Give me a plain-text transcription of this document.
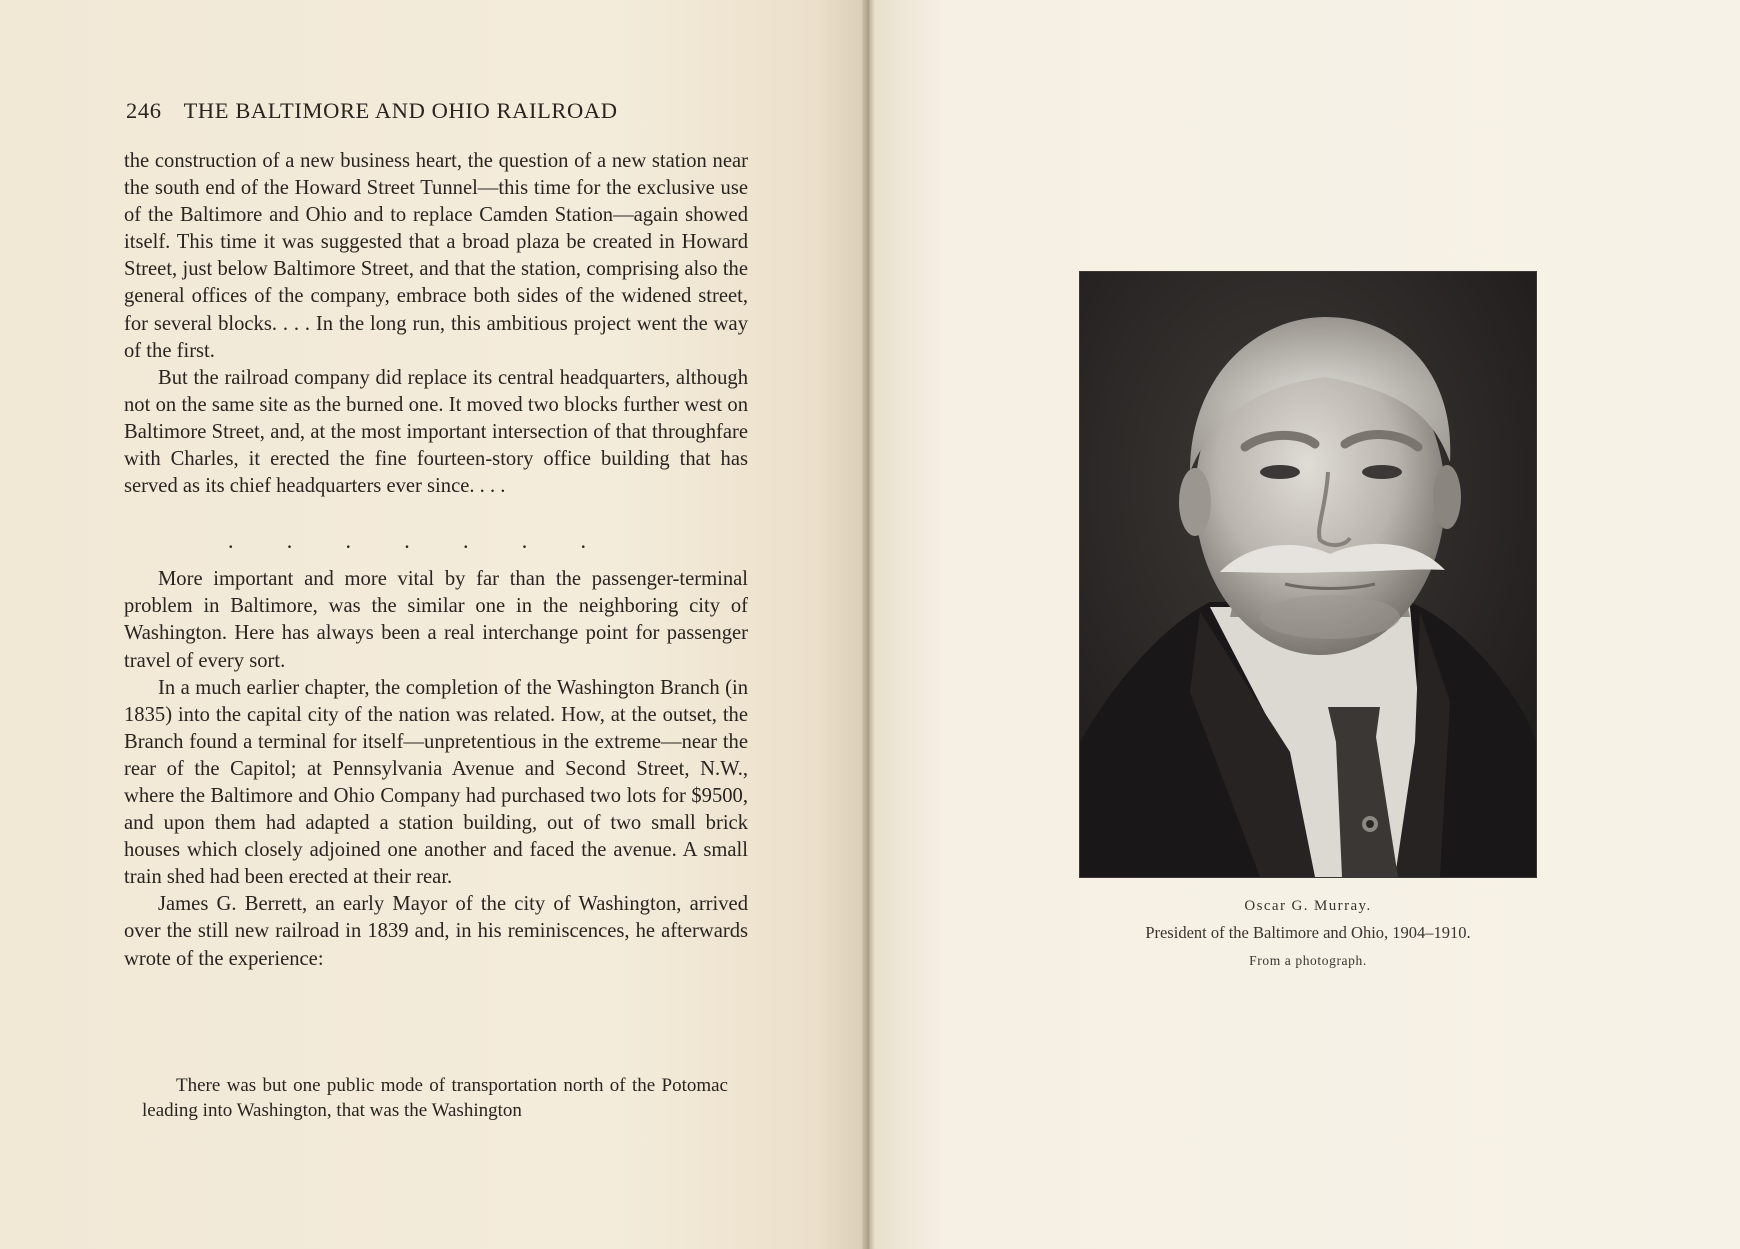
246 THE BALTIMORE AND OHIO RAILROAD

the construction of a new business heart, the question of a new station near the south end of the Howard Street Tunnel—this time for the exclusive use of the Baltimore and Ohio and to replace Camden Station—again showed itself. This time it was suggested that a broad plaza be created in Howard Street, just below Baltimore Street, and that the station, comprising also the general offices of the company, embrace both sides of the widened street, for several blocks. . . . In the long run, this ambitious project went the way of the first.

But the railroad company did replace its central headquarters, although not on the same site as the burned one. It moved two blocks further west on Baltimore Street, and, at the most important intersection of that throughfare with Charles, it erected the fine fourteen-story office building that has served as its chief headquarters ever since. . . .

. . . . . . .

More important and more vital by far than the passenger-terminal problem in Baltimore, was the similar one in the neighboring city of Washington. Here has always been a real interchange point for passenger travel of every sort.

In a much earlier chapter, the completion of the Washington Branch (in 1835) into the capital city of the nation was related. How, at the outset, the Branch found a terminal for itself—unpretentious in the extreme—near the rear of the Capitol; at Pennsylvania Avenue and Second Street, N.W., where the Baltimore and Ohio Company had purchased two lots for $9500, and upon them had adapted a station building, out of two small brick houses which closely adjoined one another and faced the avenue. A small train shed had been erected at their rear.

James G. Berrett, an early Mayor of the city of Washington, arrived over the still new railroad in 1839 and, in his reminiscences, he afterwards wrote of the experience:

There was but one public mode of transportation north of the Potomac leading into Washington, that was the Washington
Oscar G. Murray.
President of the Baltimore and Ohio, 1904–1910.
From a photograph.
